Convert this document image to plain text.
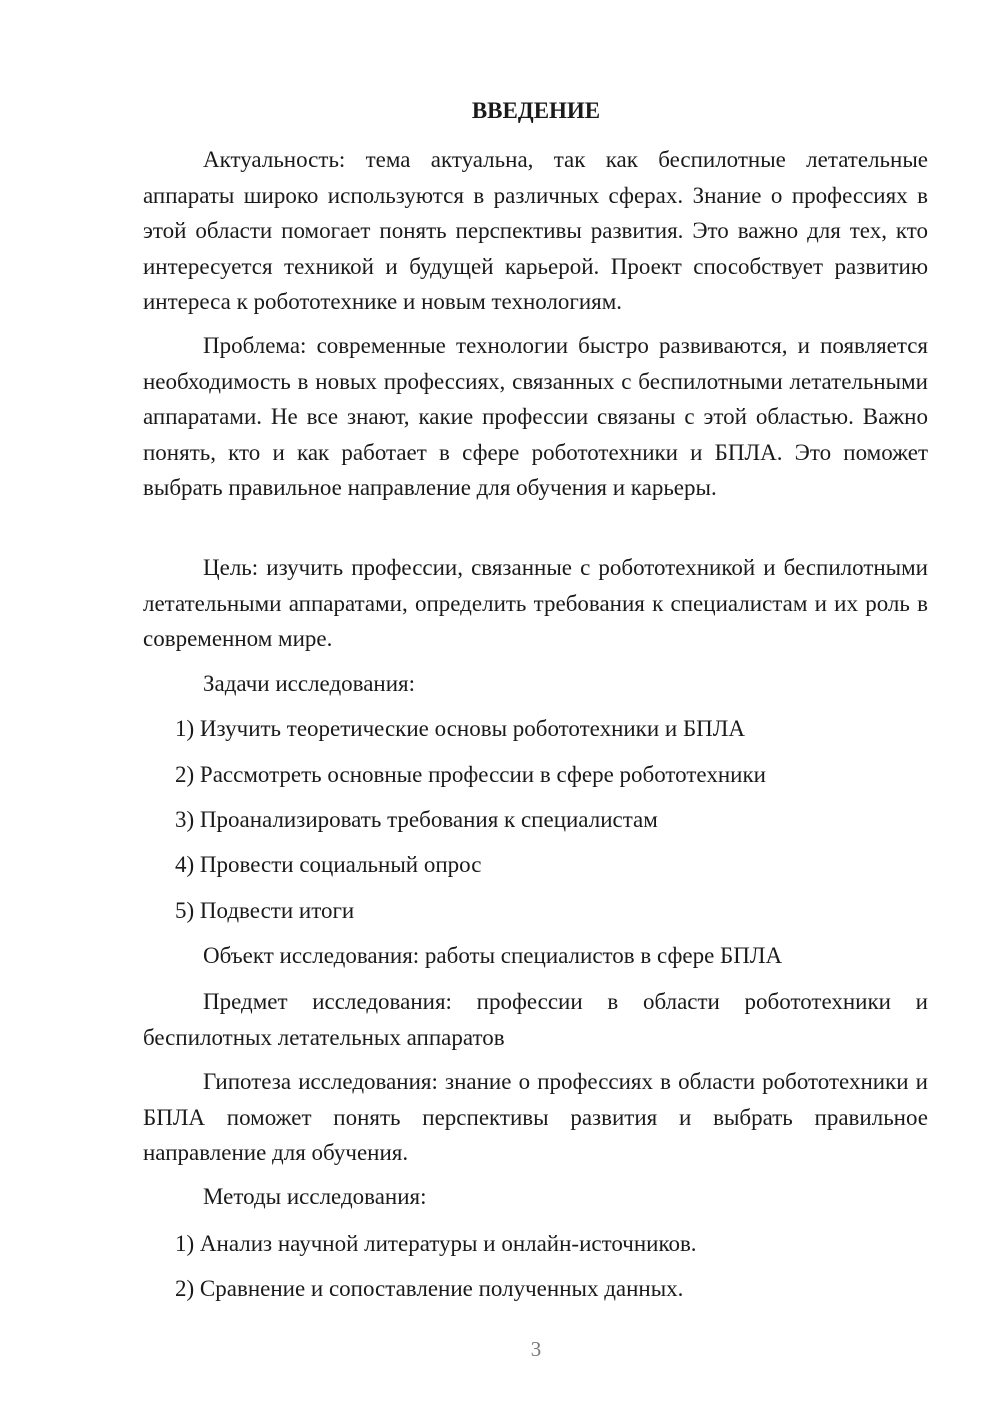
ВВЕДЕНИЕ

Актуальность: тема актуальна, так как беспилотные летательные аппараты широко используются в различных сферах. Знание о профессиях в этой области помогает понять перспективы развития. Это важно для тех, кто интересуется техникой и будущей карьерой. Проект способствует развитию интереса к робототехнике и новым технологиям.

Проблема: современные технологии быстро развиваются, и появляется необходимость в новых профессиях, связанных с беспилотными летательными аппаратами. Не все знают, какие профессии связаны с этой областью. Важно понять, кто и как работает в сфере робототехники и БПЛА. Это поможет выбрать правильное направление для обучения и карьеры.

Цель: изучить профессии, связанные с робототехникой и беспилотными летательными аппаратами, определить требования к специалистам и их роль в современном мире.

Задачи исследования:

1) Изучить теоретические основы робототехники и БПЛА

2) Рассмотреть основные профессии в сфере робототехники

3) Проанализировать требования к специалистам

4) Провести социальный опрос

5) Подвести итоги

Объект исследования: работы специалистов в сфере БПЛА

Предмет исследования: профессии в области робототехники и беспилотных летательных аппаратов

Гипотеза исследования: знание о профессиях в области робототехники и БПЛА поможет понять перспективы развития и выбрать правильное направление для обучения.

Методы исследования:

1) Анализ научной литературы и онлайн-источников.

2) Сравнение и сопоставление полученных данных.

3
